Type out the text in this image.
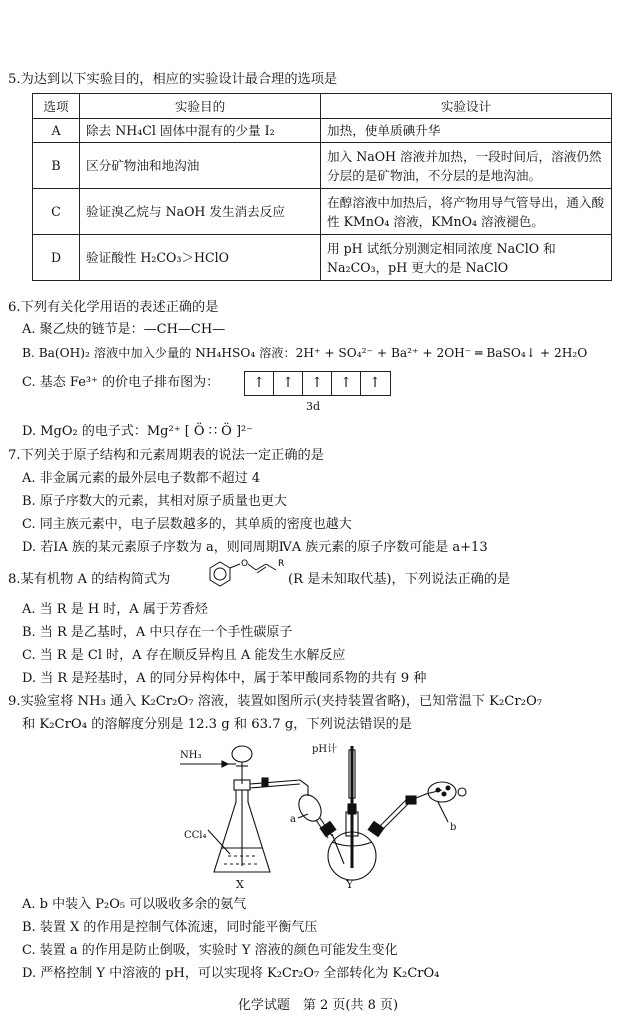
5.为达到以下实验目的，相应的实验设计最合理的选项是
选项	实验目的	实验设计
A	除去 NH₄Cl 固体中混有的少量 I₂	加热，使单质碘升华
B	区分矿物油和地沟油	加入 NaOH 溶液并加热，一段时间后，溶液仍然分层的是矿物油，不分层的是地沟油。
C	验证溴乙烷与 NaOH 发生消去反应	在醇溶液中加热后，将产物用导气管导出，通入酸性 KMnO₄ 溶液，KMnO₄ 溶液褪色。
D	验证酸性 H₂CO₃＞HClO	用 pH 试纸分别测定相同浓度 NaClO 和 Na₂CO₃，pH 更大的是 NaClO
6.下列有关化学用语的表述正确的是
A. 聚乙炔的链节是：—CH—CH—
B. Ba(OH)₂ 溶液中加入少量的 NH₄HSO₄ 溶液：2H⁺ + SO₄²⁻ + Ba²⁺ + 2OH⁻ ═ BaSO₄↓ + 2H₂O
C. 基态 Fe³⁺ 的价电子排布图为：	↑	↑	↑	↑	↑
3d
D. MgO₂ 的电子式：Mg²⁺ [ Ö ∷ Ö ]²⁻
7.下列关于原子结构和元素周期表的说法一定正确的是
A. 非金属元素的最外层电子数都不超过 4
B. 原子序数大的元素，其相对原子质量也更大
C. 同主族元素中，电子层数越多的，其单质的密度也越大
D. 若ⅠA 族的某元素原子序数为 a，则同周期ⅣA 族元素的原子序数可能是 a+13
8.某有机物 A 的结构简式为
O	R
(R 是未知取代基)，下列说法正确的是
A. 当 R 是 H 时，A 属于芳香烃
B. 当 R 是乙基时，A 中只存在一个手性碳原子
C. 当 R 是 Cl 时，A 存在顺反异构且 A 能发生水解反应
D. 当 R 是羟基时，A 的同分异构体中，属于苯甲酸同系物的共有 9 种
9.实验室将 NH₃ 通入 K₂Cr₂O₇ 溶液，装置如图所示(夹持装置省略)，已知常温下 K₂Cr₂O₇
和 K₂CrO₄ 的溶解度分别是 12.3 g 和 63.7 g，下列说法错误的是
NH₃
CCl₄
a
b
pH计
X	Y
A. b 中装入 P₂O₅ 可以吸收多余的氨气
B. 装置 X 的作用是控制气体流速，同时能平衡气压
C. 装置 a 的作用是防止倒吸，实验时 Y 溶液的颜色可能发生变化
D. 严格控制 Y 中溶液的 pH，可以实现将 K₂Cr₂O₇ 全部转化为 K₂CrO₄
化学试题　第 2 页(共 8 页)
